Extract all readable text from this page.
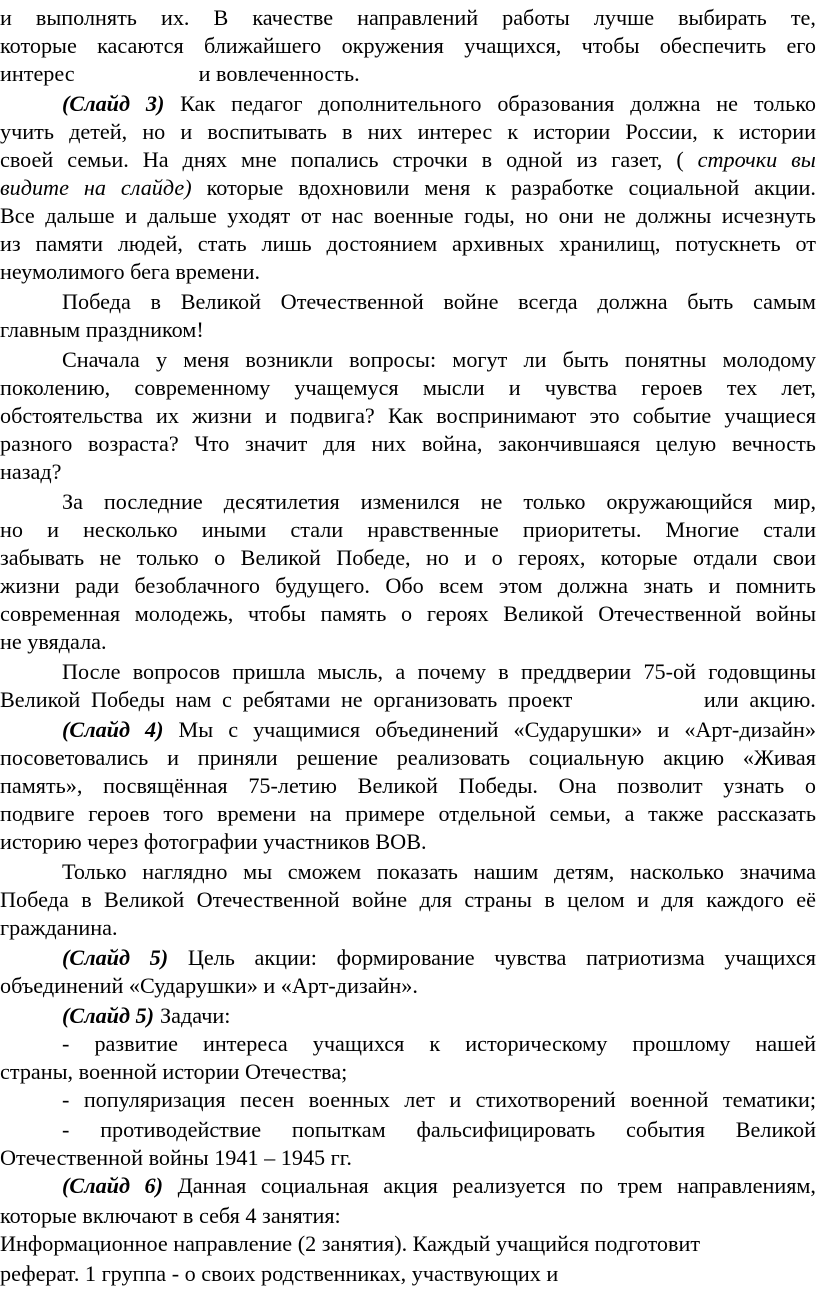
и выполнять их. В качестве направлений работы лучше выбирать те,
которые касаются ближайшего окружения учащихся, чтобы обеспечить его
интерес	и вовлеченность.
(Слайд 3) Как педагог дополнительного образования должна не только
учить детей, но и воспитывать в них интерес к истории России, к истории
своей семьи. На днях мне попались строчки в одной из газет, ( строчки вы
видите на слайде) которые вдохновили меня к разработке социальной акции.
Все дальше и дальше уходят от нас военные годы, но они не должны исчезнуть
из памяти людей, стать лишь достоянием архивных хранилищ, потускнеть от
неумолимого бега времени.
Победа в Великой Отечественной войне всегда должна быть самым
главным праздником!
Сначала у меня возникли вопросы: могут ли быть понятны молодому
поколению, современному учащемуся мысли и чувства героев тех лет,
обстоятельства их жизни и подвига? Как воспринимают это событие учащиеся
разного возраста? Что значит для них война, закончившаяся целую вечность
назад?
За последние десятилетия изменился не только окружающийся мир,
но и несколько иными стали нравственные приоритеты. Многие стали
забывать не только о Великой Победе, но и о героях, которые отдали свои
жизни ради безоблачного будущего. Обо всем этом должна знать и помнить
современная молодежь, чтобы память о героях Великой Отечественной войны
не увядала.
После вопросов пришла мысль, а почему в преддверии 75-ой годовщины
Великой Победы нам с ребятами не организовать проект	или акцию.
(Слайд 4) Мы с учащимися объединений «Сударушки» и «Арт-дизайн»
посоветовались и приняли решение реализовать социальную акцию «Живая
память», посвящённая 75-летию Великой Победы. Она позволит узнать о
подвиге героев того времени на примере отдельной семьи, а также рассказать
историю через фотографии участников ВОВ.
Только наглядно мы сможем показать нашим детям, насколько значима
Победа в Великой Отечественной войне для страны в целом и для каждого её
гражданина.
(Слайд 5) Цель акции: формирование чувства патриотизма учащихся
объединений «Сударушки» и «Арт-дизайн».
(Слайд 5) Задачи:
- развитие интереса учащихся к историческому прошлому нашей
страны, военной истории Отечества;
- популяризация песен военных лет и стихотворений военной тематики;
- противодействие попыткам фальсифицировать события Великой
Отечественной войны 1941 – 1945 гг.
(Слайд 6) Данная социальная акция реализуется по трем направлениям,
которые включают в себя 4 занятия:
Информационное направление (2 занятия). Каждый учащийся подготовит
реферат. 1 группа - о своих родственниках, участвующих и
